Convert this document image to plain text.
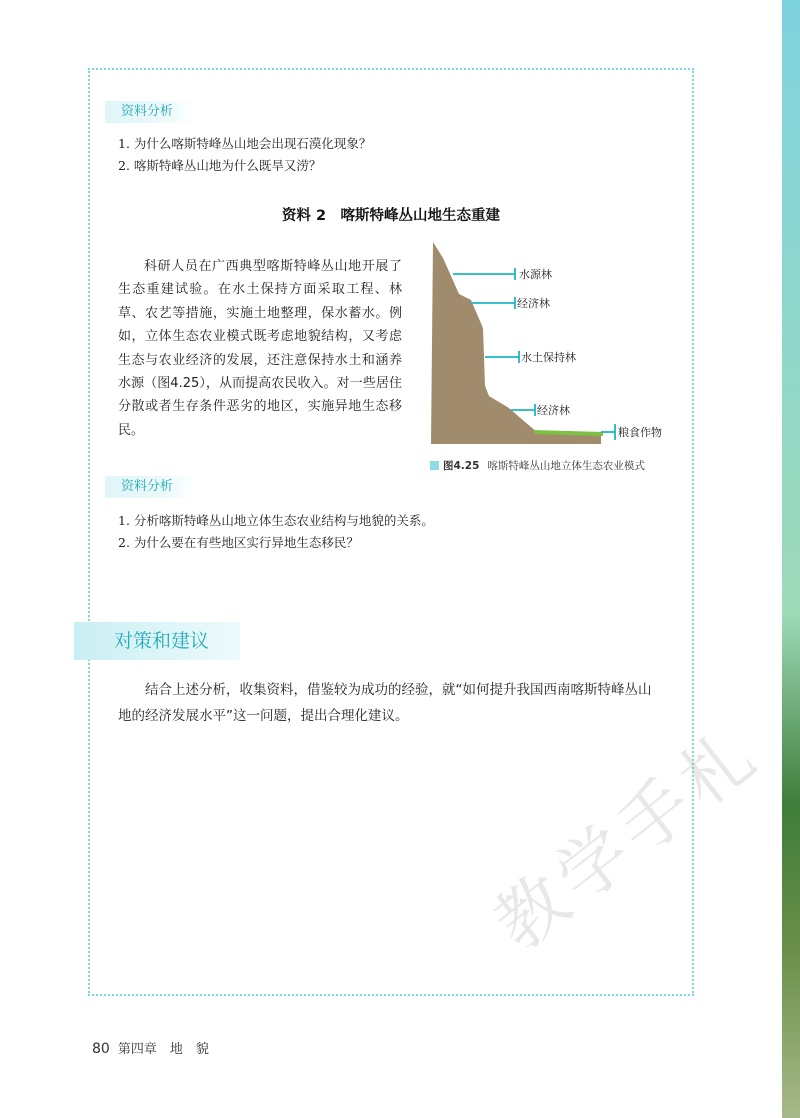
资料分析
1. 为什么喀斯特峰丛山地会出现石漠化现象？
2. 喀斯特峰丛山地为什么既旱又涝？
资料 2　喀斯特峰丛山地生态重建

科研人员在广西典型喀斯特峰丛山地开展了生态重建试验。在水土保持方面采取工程、林草、农艺等措施，实施土地整理，保水蓄水。例如，立体生态农业模式既考虑地貌结构，又考虑生态与农业经济的发展，还注意保持水土和涵养水源（图4.25），从而提高农民收入。对一些居住分散或者生存条件恶劣的地区，实施异地生态移民。

水源林
经济林
水土保持林
经济林
粮食作物
图4.25 喀斯特峰丛山地立体生态农业模式
资料分析
1. 分析喀斯特峰丛山地立体生态农业结构与地貌的关系。
2. 为什么要在有些地区实行异地生态移民？
对策和建议

结合上述分析，收集资料，借鉴较为成功的经验，就“如何提升我国西南喀斯特峰丛山地的经济发展水平”这一问题，提出合理化建议。	教学手札
80 第四章　地　貌
